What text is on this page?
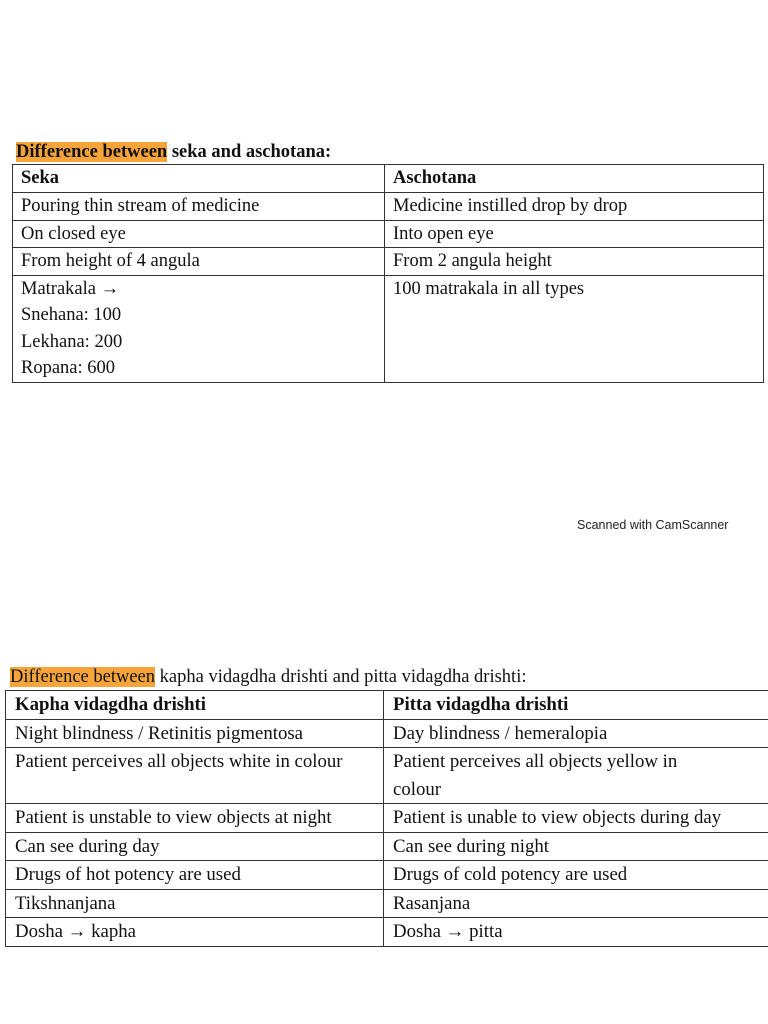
Difference between seka and aschotana:
Seka	Aschotana

Pouring thin stream of medicine	Medicine instilled drop by drop

On closed eye	Into open eye

From height of 4 angula	From 2 angula height

Matrakala →
Snehana: 100
Lekhana: 200
Ropana: 600	100 matrakala in all types
Scanned with CamScanner
Difference between kapha vidagdha drishti and pitta vidagdha drishti:
Kapha vidagdha drishti	Pitta vidagdha drishti

Night blindness / Retinitis pigmentosa	Day blindness / hemeralopia

Patient perceives all objects white in colour	Patient perceives all objects yellow in
colour

Patient is unstable to view objects at night	Patient is unable to view objects during day

Can see during day	Can see during night

Drugs of hot potency are used	Drugs of cold potency are used

Tikshnanjana	Rasanjana

Dosha → kapha	Dosha → pitta
